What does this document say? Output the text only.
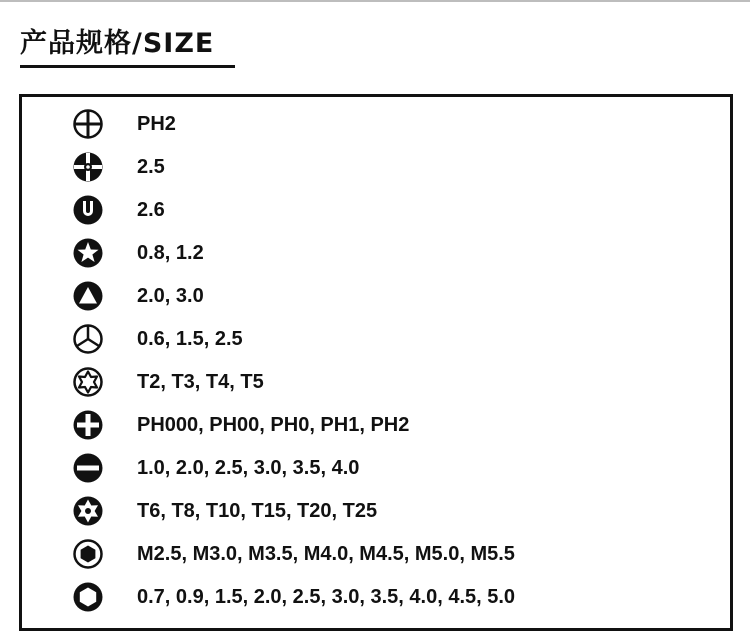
产品规格/SIZE
PH2
2.5
2.6
0.8, 1.2
2.0, 3.0
0.6, 1.5, 2.5
T2, T3, T4, T5
PH000, PH00, PH0, PH1, PH2
1.0, 2.0, 2.5, 3.0, 3.5, 4.0
T6, T8, T10, T15, T20, T25
M2.5, M3.0, M3.5, M4.0, M4.5, M5.0, M5.5
0.7, 0.9, 1.5, 2.0, 2.5, 3.0, 3.5, 4.0, 4.5, 5.0
